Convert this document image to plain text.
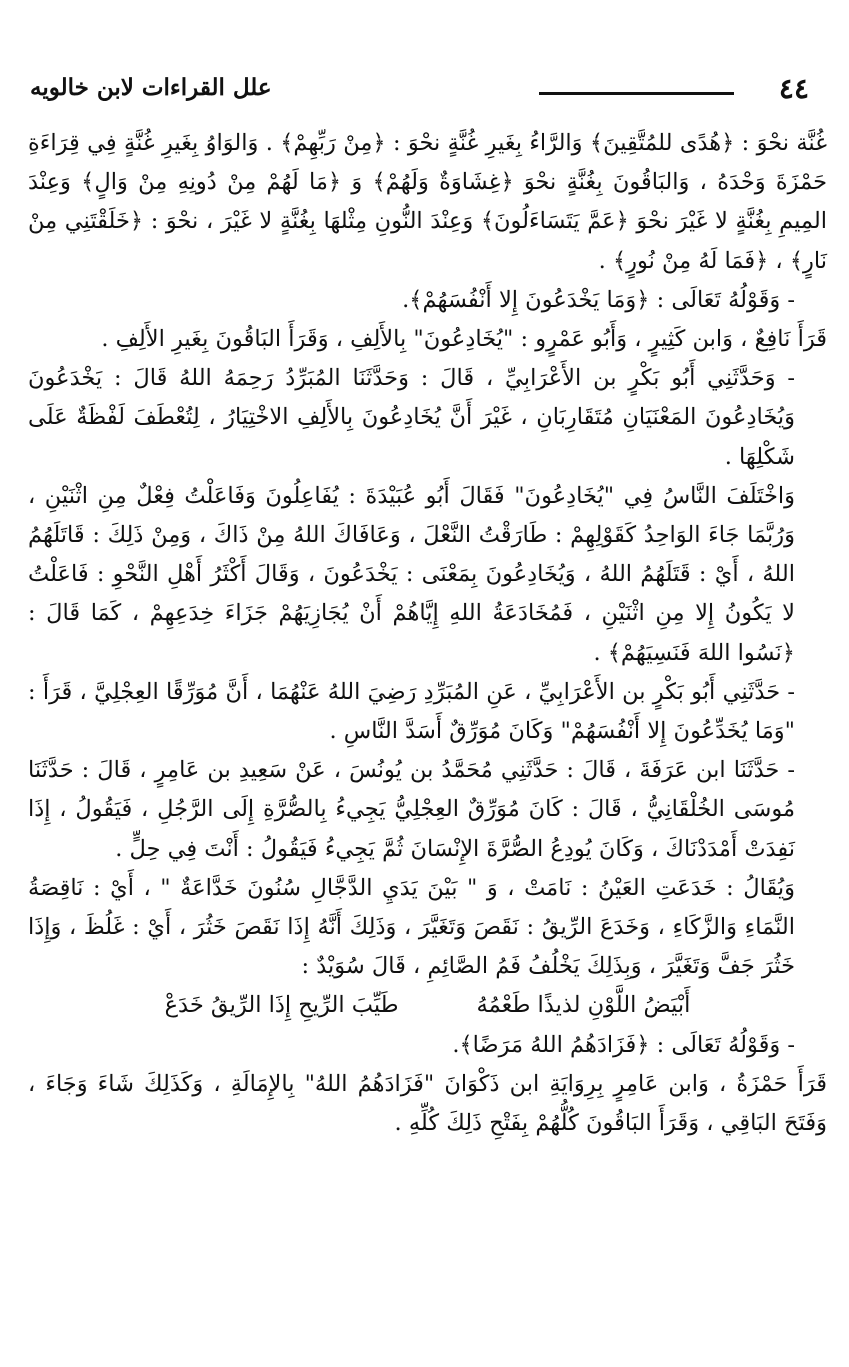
٤٤
علل القراءات لابن خالويه

غُنَّة نحْوَ : ﴿هُدًى للمُتَّقِينَ﴾ وَالرَّاءُ بِغَيرِ غُنَّةٍ نحْوَ : ﴿مِنْ رَبِّهِمْ﴾ . وَالوَاوُ بِغَيرِ غُنَّةٍ فِي قِرَاءَةِ حَمْزَةَ وَحْدَهُ ، وَالبَاقُونَ بِغُنَّةٍ نحْوَ ﴿غِشَاوَةٌ وَلَهُمْ﴾ وَ ﴿مَا لَهُمْ مِنْ دُونِهِ مِنْ وَالٍ﴾ وَعِنْدَ المِيمِ بِغُنَّةٍ لا غَيْرَ نحْوَ ﴿عَمَّ يَتَسَاءَلُونَ﴾ وَعِنْدَ النُّونِ مِثْلهَا بِغُنَّةٍ لا غَيْرَ ، نحْوَ : ﴿خَلَقْتَنِي مِنْ نَارٍ﴾ ، ﴿فَمَا لَهُ مِنْ نُورٍ﴾ .

- وَقَوْلُهُ تَعَالَى : ﴿وَمَا يَخْدَعُونَ إِلا أَنْفُسَهُمْ﴾.

قَرَأَ نَافِعٌ ، وَابن كَثِيرٍ ، وَأَبُو عَمْرٍو : "يُخَادِعُونَ" بِالأَلِفِ ، وَقَرَأَ البَاقُونَ بِغَيرِ الأَلِفِ .

- وَحَدَّثَنِي أَبُو بَكْرٍ بن الأَعْرَابِيِّ ، قَالَ : وَحَدَّثَنَا المُبَرِّدُ رَحِمَهُ اللهُ قَالَ : يَخْدَعُونَ وَيُخَادِعُونَ المَعْنَيَانِ مُتَقَارِبَانِ ، غَيْرَ أَنَّ يُخَادِعُونَ بِالأَلِفِ الاخْتِيَارُ ، لِتُعْطَفَ لَفْظَةٌ عَلَى شَكْلِهَا .

وَاخْتَلَفَ النَّاسُ فِي "يُخَادِعُونَ" فَقَالَ أَبُو عُبَيْدَةَ : يُفَاعِلُونَ وَفَاعَلْتُ فِعْلٌ مِنِ اثْنَيْنِ ، وَرُبَّمَا جَاءَ الوَاحِدُ كَقَوْلِهِمْ : طَارَقْتُ النَّعْلَ ، وَعَافَاكَ اللهُ مِنْ ذَاكَ ، وَمِنْ ذَلِكَ : قَاتَلَهُمُ اللهُ ، أَيْ : قَتَلَهُمُ اللهُ ، وَيُخَادِعُونَ بِمَعْنَى : يَخْدَعُونَ ، وَقَالَ أَكْثَرُ أَهْلِ النَّحْوِ : فَاعَلْتُ لا يَكُونُ إِلا مِنِ اثْنَيْنِ ، فَمُخَادَعَةُ اللهِ إِيَّاهُمْ أَنْ يُجَازِيَهُمْ جَزَاءَ خِدَعِهِمْ ، كَمَا قَالَ : ﴿نَسُوا اللهَ فَنَسِيَهُمْ﴾ .

- حَدَّثَنِي أَبُو بَكْرٍ بن الأَعْرَابِيِّ ، عَنِ المُبَرِّدِ رَضِيَ اللهُ عَنْهُمَا ، أَنَّ مُوَرِّقًا العِجْلِيَّ ، قَرَأَ : "وَمَا يُخَدِّعُونَ إِلا أَنْفُسَهُمْ" وَكَانَ مُوَرِّقٌ أَسَدَّ النَّاسِ .

- حَدَّثَنَا ابن عَرَفَةَ ، قَالَ : حَدَّثَنِي مُحَمَّدُ بن يُونُسَ ، عَنْ سَعِيدِ بن عَامِرٍ ، قَالَ : حَدَّثَنَا مُوسَى الخُلْقَانِيُّ ، قَالَ : كَانَ مُوَرِّقٌ العِجْلِيُّ يَجِيءُ بِالصُّرَّةِ إِلَى الرَّجُلِ ، فَيَقُولُ ، إِذَا نَفِدَتْ أَمْدَدْنَاكَ ، وَكَانَ يُودِعُ الصُّرَّةَ الإِنْسَانَ ثُمَّ يَجِيءُ فَيَقُولُ : أَنْتَ فِي حِلٍّ .

وَيُقَالُ : خَدَعَتِ العَيْنُ : نَامَتْ ، وَ " بَيْنَ يَدَيِ الدَّجَّالِ سُنُونَ خَدَّاعَةٌ " ، أَيْ : نَاقِصَةُ النَّمَاءِ وَالزَّكَاءِ ، وَخَدَعَ الرِّيقُ : نَقَصَ وَتَغَيَّرَ ، وَذَلِكَ أَنَّهُ إِذَا نَقَصَ خَثُرَ ، أَيْ : غَلُظَ ، وَإِذَا خَثُرَ جَفَّ وَتَغَيَّرَ ، وَبِذَلِكَ يَخْلُفُ فَمُ الصَّائِمِ ، قَالَ سُوَيْدٌ :

أَبْيَضُ اللَّوْنِ لذيذًا طَعْمُهُ
طَيِّبَ الرِّيحِ إِذَا الرِّيقُ خَدَعْ

- وَقَوْلُهُ تَعَالَى : ﴿فَزَادَهُمُ اللهُ مَرَضًا﴾.

قَرَأَ حَمْزَةُ ، وَابن عَامِرٍ بِرِوَايَةِ ابن ذَكْوَانَ "فَزَادَهُمُ اللهُ" بِالإِمَالَةِ ، وَكَذَلِكَ شَاءَ وَجَاءَ ، وَفَتَحَ البَاقِي ، وَقَرَأَ البَاقُونَ كُلُّهُمْ بِفَتْحِ ذَلِكَ كُلِّهِ .
